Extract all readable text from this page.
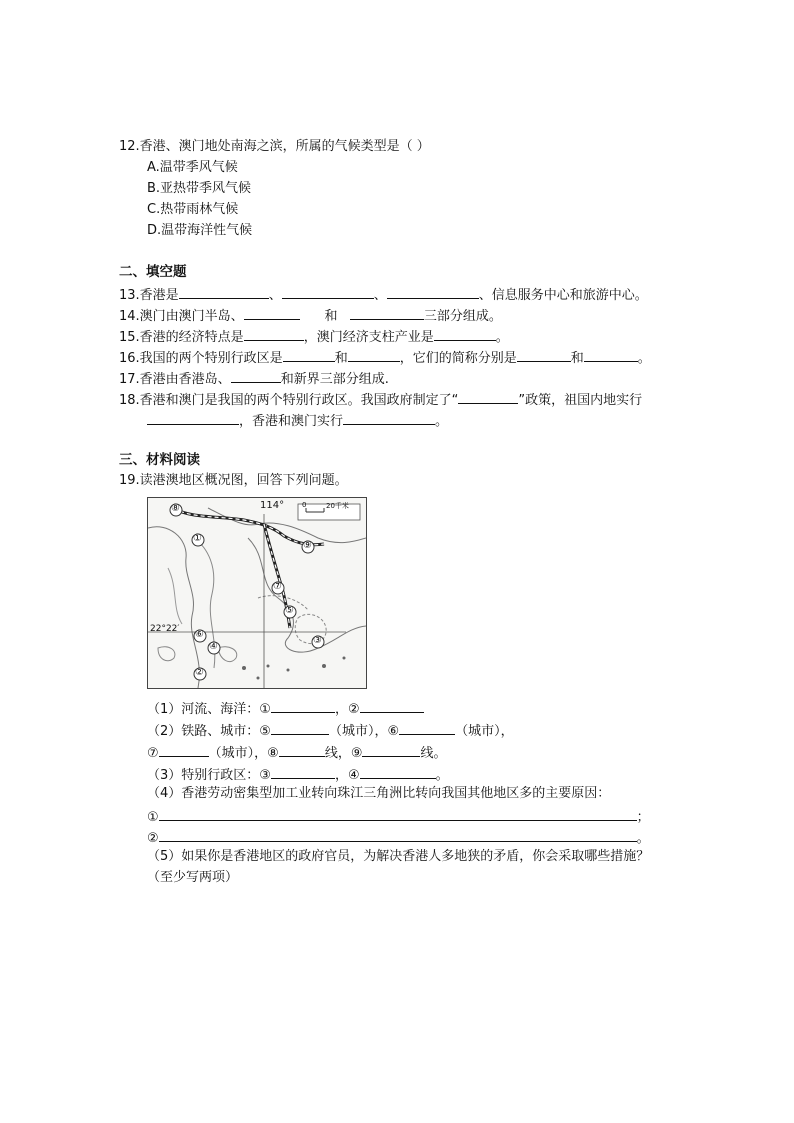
12.香港、澳门地处南海之滨，所属的气候类型是（ ）
A.温带季风气候
B.亚热带季风气候
C.热带雨林气候
D.温带海洋性气候
二、填空题
13.香港是	、	、	、信息服务中心和旅游中心。
14.澳门由澳门半岛、	和	三部分组成。
15.香港的经济特点是	，澳门经济支柱产业是	。
16.我国的两个特别行政区是	和	，它们的简称分别是	和	。
17.香港由香港岛、	和新界三部分组成.
18.香港和澳门是我国的两个特别行政区。我国政府制定了“	”政策，祖国内地实行
，香港和澳门实行	。
三、材料阅读
19.读港澳地区概况图，回答下列问题。
114°
22°22′
0	20千米
⑧
①
⑨
⑦
⑤
③
⑥
④
②
（1）河流、海洋：①	，②
（2）铁路、城市：⑤	（城市），⑥	（城市），
⑦	（城市），⑧	线，⑨	线。
（3）特别行政区：③	，④	。
（4）香港劳动密集型加工业转向珠江三角洲比转向我国其他地区多的主要原因：
①	；
②	。
（5）如果你是香港地区的政府官员，为解决香港人多地狭的矛盾，你会采取哪些措施？
（至少写两项）
